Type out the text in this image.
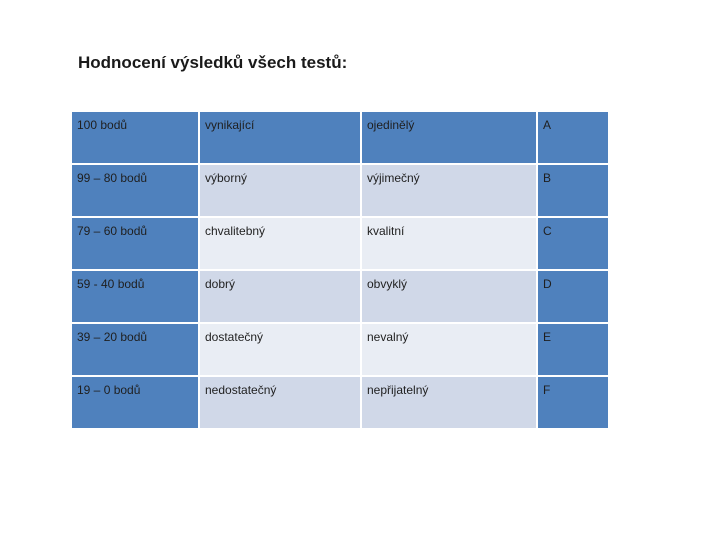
Hodnocení výsledků všech testů:
100 bodů	vynikající	ojedinělý	A
99 – 80 bodů	výborný	výjimečný	B
79 – 60 bodů	chvalitebný	kvalitní	C
59 - 40 bodů	dobrý	obvyklý	D
39 – 20 bodů	dostatečný	nevalný	E
19 – 0 bodů	nedostatečný	nepřijatelný	F
